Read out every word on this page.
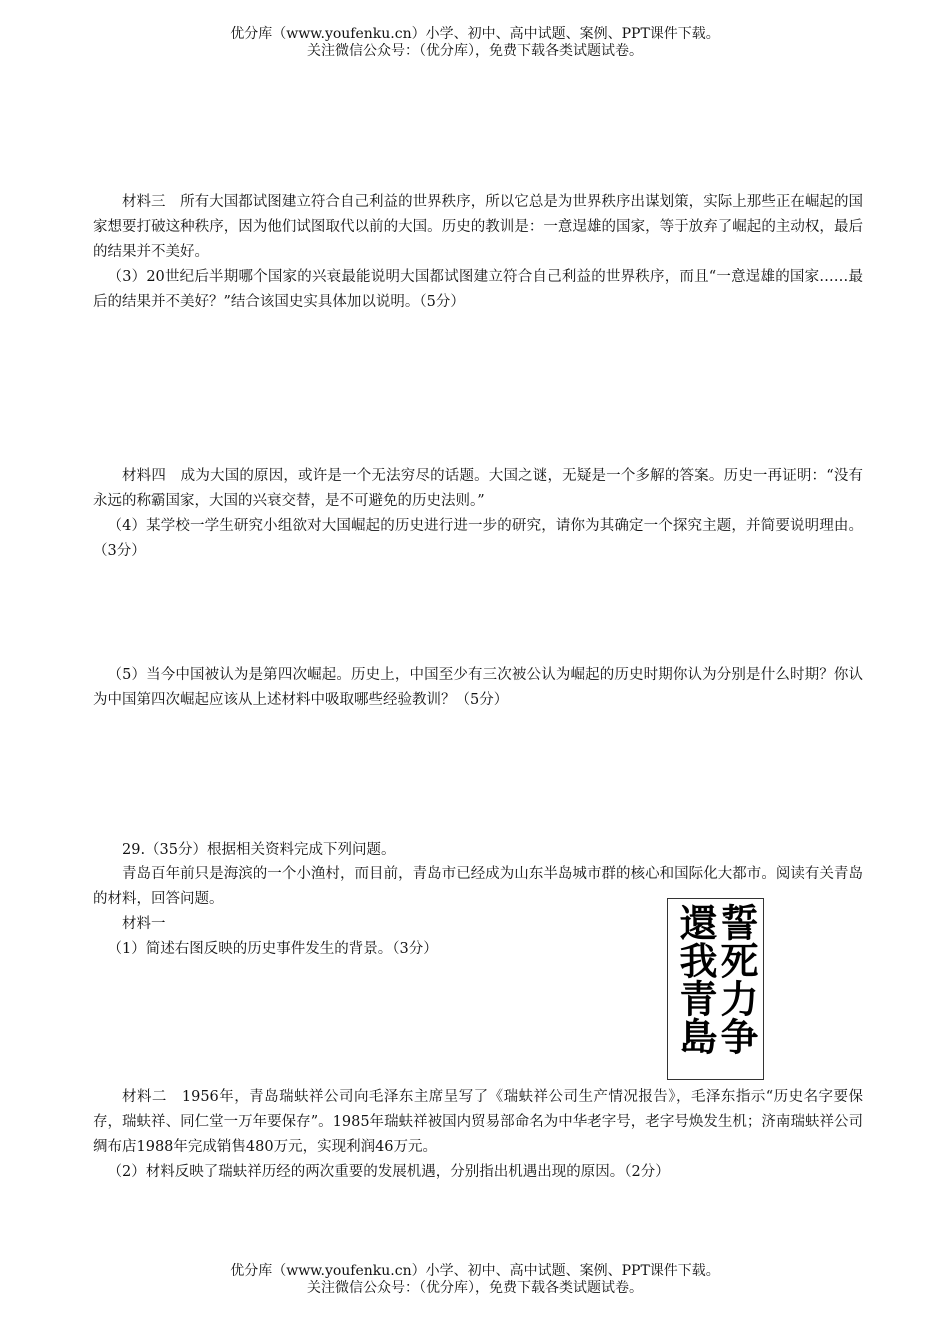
优分库（www.youfenku.cn）小学、初中、高中试题、案例、PPT课件下载。
关注微信公众号：（优分库），免费下载各类试题试卷。

材料三　所有大国都试图建立符合自己利益的世界秩序，所以它总是为世界秩序出谋划策，实际上那些正在崛起的国家想要打破这种秩序，因为他们试图取代以前的大国。历史的教训是：一意逞雄的国家，等于放弃了崛起的主动权，最后的结果并不美好。

（3）20世纪后半期哪个国家的兴衰最能说明大国都试图建立符合自己利益的世界秩序，而且“一意逞雄的国家……最后的结果并不美好？”结合该国史实具体加以说明。（5分）

材料四　成为大国的原因，或许是一个无法穷尽的话题。大国之谜，无疑是一个多解的答案。历史一再证明：“没有永远的称霸国家，大国的兴衰交替，是不可避免的历史法则。”

（4）某学校一学生研究小组欲对大国崛起的历史进行进一步的研究，请你为其确定一个探究主题，并简要说明理由。（3分）

（5）当今中国被认为是第四次崛起。历史上，中国至少有三次被公认为崛起的历史时期你认为分别是什么时期？你认为中国第四次崛起应该从上述材料中吸取哪些经验教训？（5分）

29.（35分）根据相关资料完成下列问题。

青岛百年前只是海滨的一个小渔村，而目前，青岛市已经成为山东半岛城市群的核心和国际化大都市。阅读有关青岛的材料，回答问题。

材料一

（1）简述右图反映的历史事件发生的背景。（3分）	誓死力争
還我青島

材料二　1956年，青岛瑞蚨祥公司向毛泽东主席呈写了《瑞蚨祥公司生产情况报告》，毛泽东指示“历史名字要保存，瑞蚨祥、同仁堂一万年要保存”。1985年瑞蚨祥被国内贸易部命名为中华老字号，老字号焕发生机；济南瑞蚨祥公司绸布店1988年完成销售480万元，实现利润46万元。

（2）材料反映了瑞蚨祥历经的两次重要的发展机遇，分别指出机遇出现的原因。（2分）

优分库（www.youfenku.cn）小学、初中、高中试题、案例、PPT课件下载。
关注微信公众号：（优分库），免费下载各类试题试卷。
